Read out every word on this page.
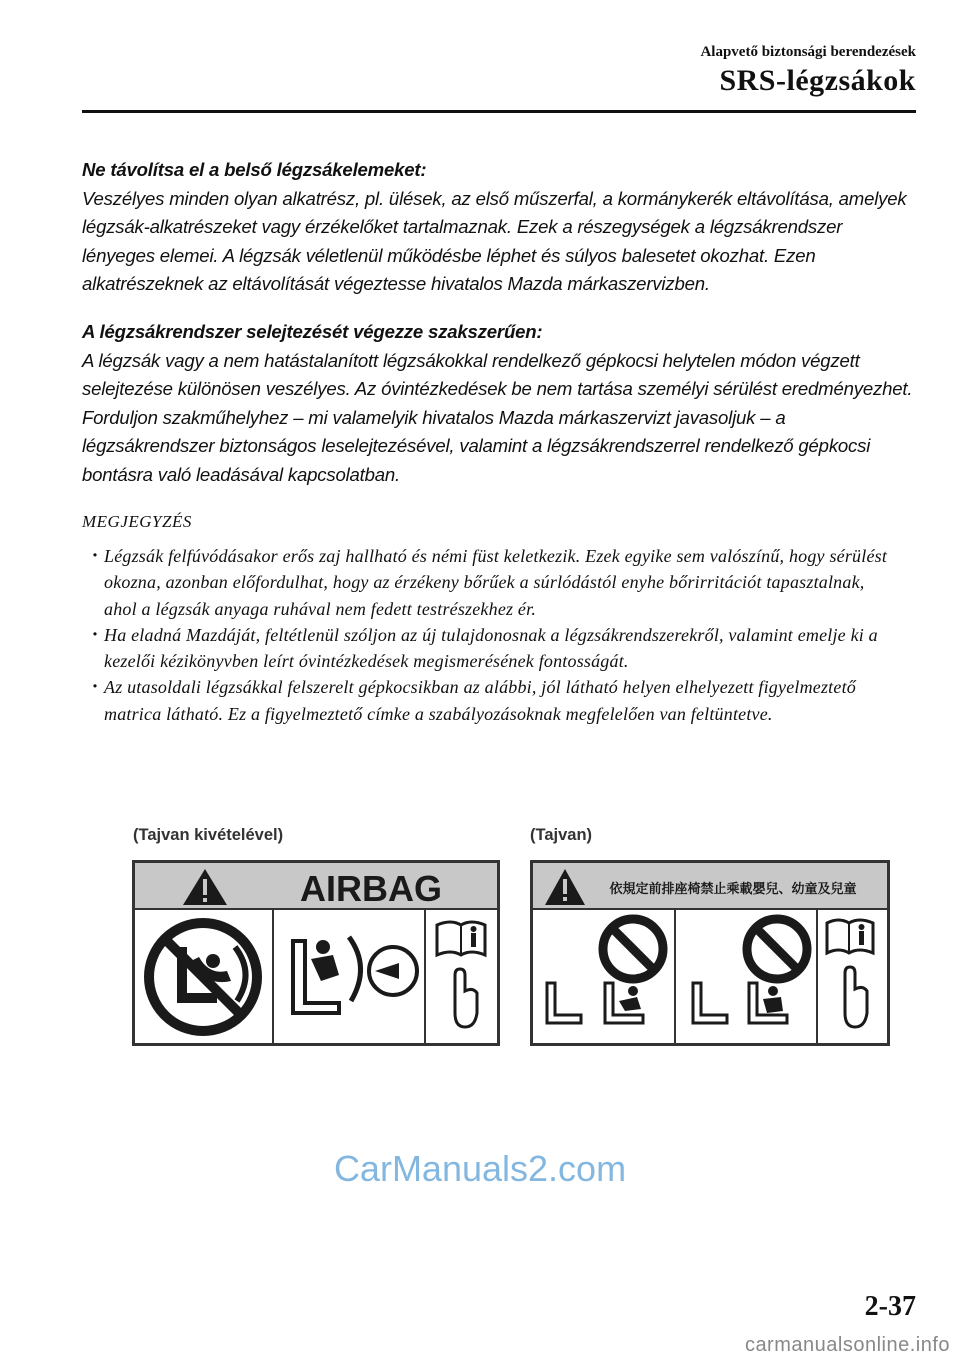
Alapvető biztonsági berendezések
SRS-légzsákok
Ne távolítsa el a belső légzsákelemeket:

Veszélyes minden olyan alkatrész, pl. ülések, az első műszerfal, a kormánykerék eltávolítása, amelyek légzsák-alkatrészeket vagy érzékelőket tartalmaznak. Ezek a részegységek a légzsákrendszer lényeges elemei. A légzsák véletlenül működésbe léphet és súlyos balesetet okozhat. Ezen alkatrészeknek az eltávolítását végeztesse hivatalos Mazda márkaszervizben.

A légzsákrendszer selejtezését végezze szakszerűen:

A légzsák vagy a nem hatástalanított légzsákokkal rendelkező gépkocsi helytelen módon végzett selejtezése különösen veszélyes. Az óvintézkedések be nem tartása személyi sérülést eredményezhet. Forduljon szakműhelyhez – mi valamelyik hivatalos Mazda márkaszervizt javasoljuk – a légzsákrendszer biztonságos leselejtezésével, valamint a légzsákrendszerrel rendelkező gépkocsi bontásra való leadásával kapcsolatban.

MEGJEGYZÉS
・ Légzsák felfúvódásakor erős zaj hallható és némi füst keletkezik. Ezek egyike sem valószínű, hogy sérülést okozna, azonban előfordulhat, hogy az érzékeny bőrűek a súrlódástól enyhe bőrirritációt tapasztalnak, ahol a légzsák anyaga ruhával nem fedett testrészekhez ér.
・ Ha eladná Mazdáját, feltétlenül szóljon az új tulajdonosnak a légzsákrendszerekről, valamint emelje ki a kezelői kézikönyvben leírt óvintézkedések megismerésének fontosságát.
・ Az utasoldali légzsákkal felszerelt gépkocsikban az alábbi, jól látható helyen elhelyezett figyelmeztető matrica látható. Ez a figyelmeztető címke a szabályozásoknak megfelelően van feltüntetve.
(Tajvan kivételével)	(Tajvan)
AIRBAG	依規定前排座椅禁止乘載嬰兒、幼童及兒童
CarManuals2.com
2-37
carmanualsonline.info
